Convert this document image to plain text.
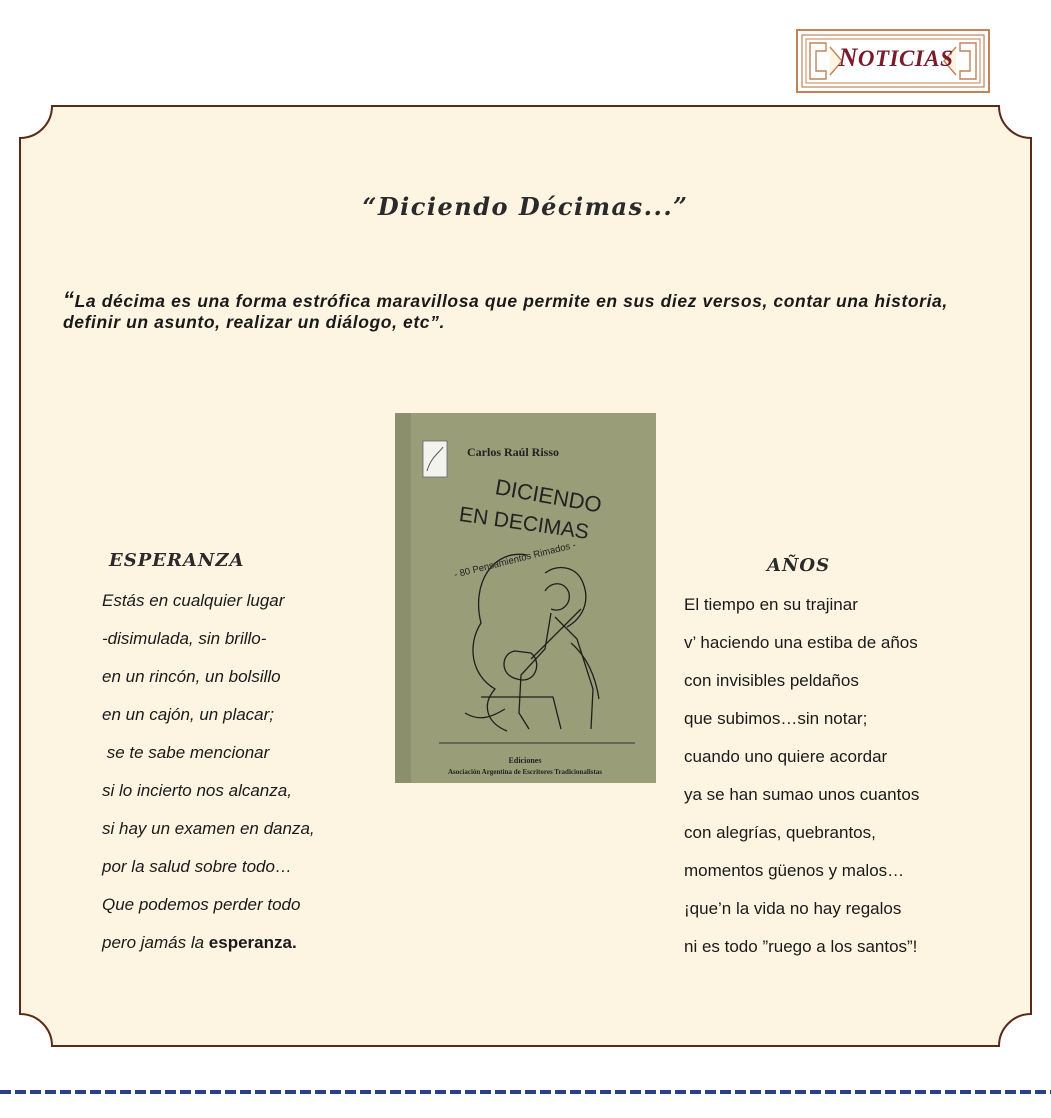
NOTICIAS
“Diciendo Décimas...”
“La décima es una forma estrófica maravillosa que permite en sus diez versos, contar una historia, definir un asunto, realizar un diálogo, etc”.
Carlos Raúl Risso
DICIENDO
EN DECIMAS
- 80 Pensamientos Rimados -
Ediciones
Asociación Argentina de Escritores Tradicionalistas
ESPERANZA
Estás en cualquier lugar
-disimulada, sin brillo-
en un rincón, un bolsillo
en un cajón, un placar;
se te sabe mencionar
si lo incierto nos alcanza,
si hay un examen en danza,
por la salud sobre todo…
Que podemos perder todo
pero jamás la esperanza.
AÑOS
El tiempo en su trajinar
v’ haciendo una estiba de años
con invisibles peldaños
que subimos…sin notar;
cuando uno quiere acordar
ya se han sumao unos cuantos
con alegrías, quebrantos,
momentos güenos y malos…
¡que’n la vida no hay regalos
ni es todo ”ruego a los santos”!
